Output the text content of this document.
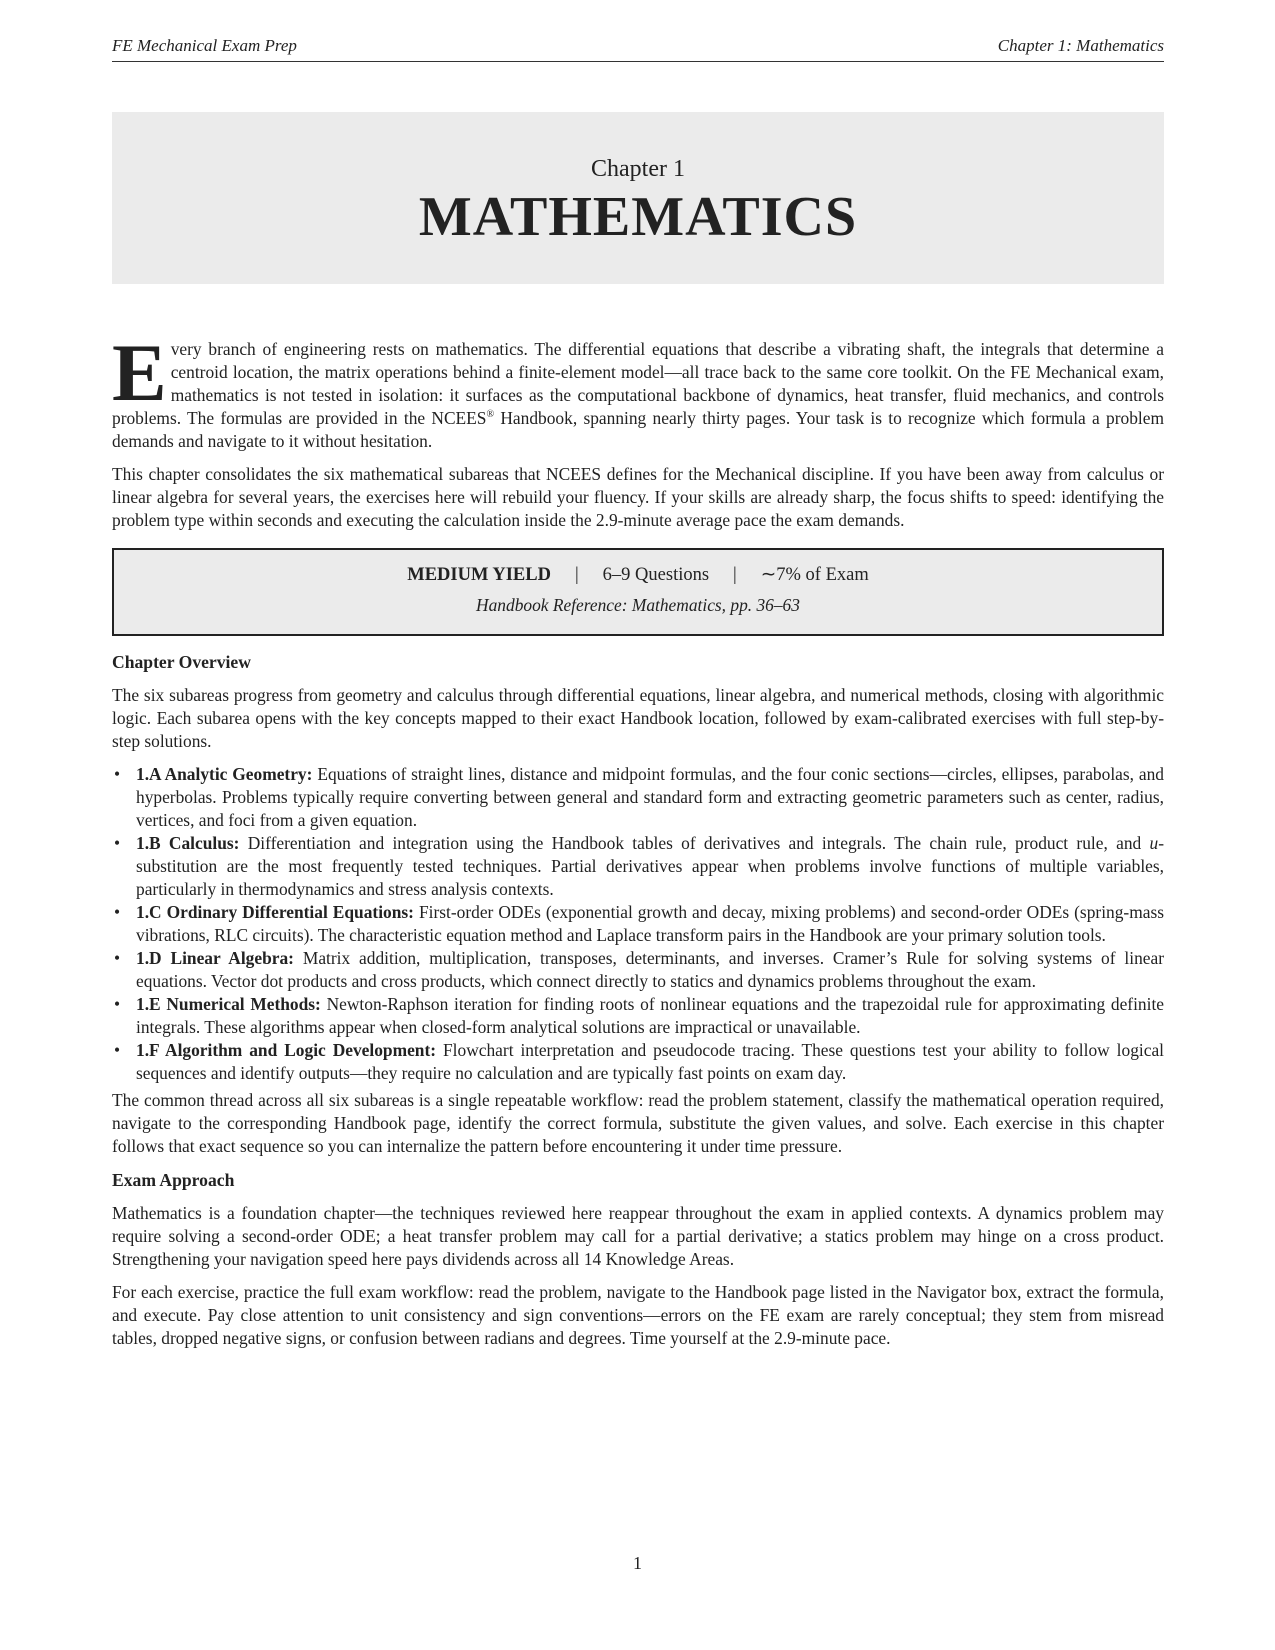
FE Mechanical Exam Prep	Chapter 1: Mathematics
Chapter 1
MATHEMATICS

Every branch of engineering rests on mathematics. The differential equations that describe a vibrating shaft, the integrals that determine a centroid location, the matrix operations behind a finite-element model—all trace back to the same core toolkit. On the FE Mechanical exam, mathematics is not tested in isolation: it surfaces as the computational backbone of dynamics, heat transfer, fluid mechanics, and controls problems. The formulas are provided in the NCEES® Handbook, spanning nearly thirty pages. Your task is to recognize which formula a problem demands and navigate to it without hesitation.

This chapter consolidates the six mathematical subareas that NCEES defines for the Mechanical discipline. If you have been away from calculus or linear algebra for several years, the exercises here will rebuild your fluency. If your skills are already sharp, the focus shifts to speed: identifying the problem type within seconds and executing the calculation inside the 2.9-minute average pace the exam demands.

MEDIUM YIELD | 6–9 Questions | ∼7% of Exam
Handbook Reference: Mathematics, pp. 36–63
Chapter Overview

The six subareas progress from geometry and calculus through differential equations, linear algebra, and numerical methods, closing with algorithmic logic. Each subarea opens with the key concepts mapped to their exact Handbook location, followed by exam-calibrated exercises with full step-by-step solutions.

• 1.A Analytic Geometry: Equations of straight lines, distance and midpoint formulas, and the four conic sections—circles, ellipses, parabolas, and hyperbolas. Problems typically require converting between general and standard form and extracting geometric parameters such as center, radius, vertices, and foci from a given equation.
• 1.B Calculus: Differentiation and integration using the Handbook tables of derivatives and integrals. The chain rule, product rule, and u-substitution are the most frequently tested techniques. Partial derivatives appear when problems involve functions of multiple variables, particularly in thermodynamics and stress analysis contexts.
• 1.C Ordinary Differential Equations: First-order ODEs (exponential growth and decay, mixing problems) and second-order ODEs (spring-mass vibrations, RLC circuits). The characteristic equation method and Laplace transform pairs in the Handbook are your primary solution tools.
• 1.D Linear Algebra: Matrix addition, multiplication, transposes, determinants, and inverses. Cramer’s Rule for solving systems of linear equations. Vector dot products and cross products, which connect directly to statics and dynamics problems throughout the exam.
• 1.E Numerical Methods: Newton-Raphson iteration for finding roots of nonlinear equations and the trapezoidal rule for approximating definite integrals. These algorithms appear when closed-form analytical solutions are impractical or unavailable.
• 1.F Algorithm and Logic Development: Flowchart interpretation and pseudocode tracing. These questions test your ability to follow logical sequences and identify outputs—they require no calculation and are typically fast points on exam day.

The common thread across all six subareas is a single repeatable workflow: read the problem statement, classify the mathematical operation required, navigate to the corresponding Handbook page, identify the correct formula, substitute the given values, and solve. Each exercise in this chapter follows that exact sequence so you can internalize the pattern before encountering it under time pressure.

Exam Approach

Mathematics is a foundation chapter—the techniques reviewed here reappear throughout the exam in applied contexts. A dynamics problem may require solving a second-order ODE; a heat transfer problem may call for a partial derivative; a statics problem may hinge on a cross product. Strengthening your navigation speed here pays dividends across all 14 Knowledge Areas.

For each exercise, practice the full exam workflow: read the problem, navigate to the Handbook page listed in the Navigator box, extract the formula, and execute. Pay close attention to unit consistency and sign conventions—errors on the FE exam are rarely conceptual; they stem from misread tables, dropped negative signs, or confusion between radians and degrees. Time yourself at the 2.9-minute pace.

1
